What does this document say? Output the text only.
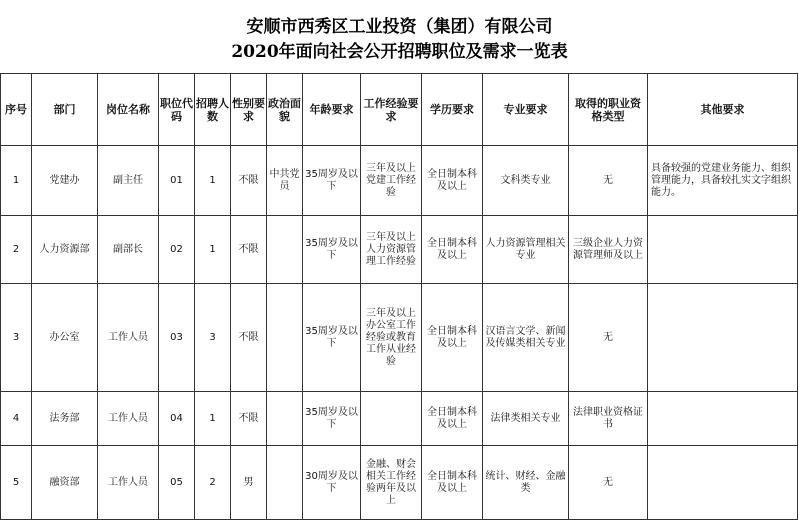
安顺市西秀区工业投资（集团）有限公司
2020年面向社会公开招聘职位及需求一览表
序号	部门	岗位名称	职位代码	招聘人数	性别要求	政治面貌	年龄要求	工作经验要求	学历要求	专业要求	取得的职业资格类型	其他要求
1	党建办	副主任	01	1	不限	中共党员	35周岁及以下	三年及以上党建工作经验	全日制本科及以上	文科类专业	无	具备较强的党建业务能力、组织管理能力，具备较扎实文字组织能力。
2	人力资源部	副部长	02	1	不限		35周岁及以下	三年及以上人力资源管理工作经验	全日制本科及以上	人力资源管理相关专业	三级企业人力资源管理师及以上	
3	办公室	工作人员	03	3	不限		35周岁及以下	三年及以上办公室工作经验或教育工作从业经验	全日制本科及以上	汉语言文学、新闻及传媒类相关专业	无	
4	法务部	工作人员	04	1	不限		35周岁及以下		全日制本科及以上	法律类相关专业	法律职业资格证书	
5	融资部	工作人员	05	2	男		30周岁及以下	金融、财会相关工作经验两年及以上	全日制本科及以上	统计、财经、金融类	无	
